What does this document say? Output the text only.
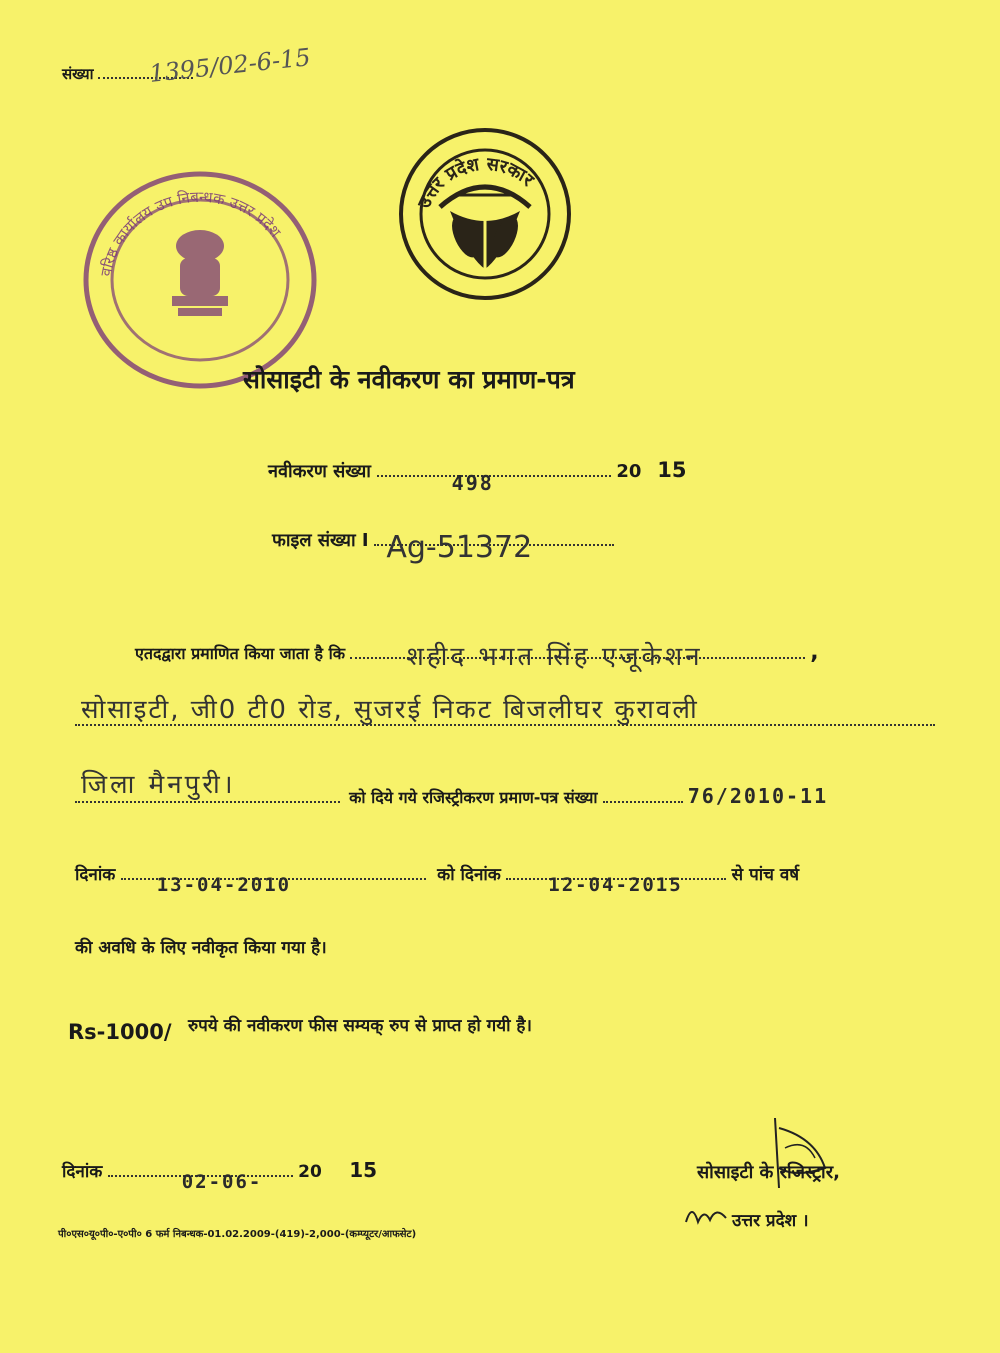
संख्या	1395/02-6-15
वरिष्ठ कार्यालय उप निबन्धक उत्तर प्रदेश
उत्तर प्रदेश सरकार
सोसाइटी के नवीकरण का प्रमाण-पत्र
नवीकरण संख्या	498	20 15
फाइल संख्या I Ag-51372
एतदद्वारा प्रमाणित किया जाता है कि शहीद भगत सिंह एजूकेशन	,
सोसाइटी, जी0 टी0 रोड, सुजरई निकट बिजलीघर कुरावली
जिला मैनपुरी।	को दिये गये रजिस्ट्रीकरण प्रमाण-पत्र संख्या	76/2010-11
दिनांक 13-04-2010	को दिनांक 12-04-2015	से पांच वर्ष
की अवधि के लिए नवीकृत किया गया है।
Rs-1000/ रुपये की नवीकरण फीस सम्यक् रुप से प्राप्त हो गयी है।
दिनांक	02-06- 20 15	सोसाइटी के रजिस्ट्रार,
उत्तर प्रदेश ।
पी०एस०यू०पी०-ए०पी० 6 फर्म निबन्धक-01.02.2009-(419)-2,000-(कम्प्यूटर/आफसेट)
